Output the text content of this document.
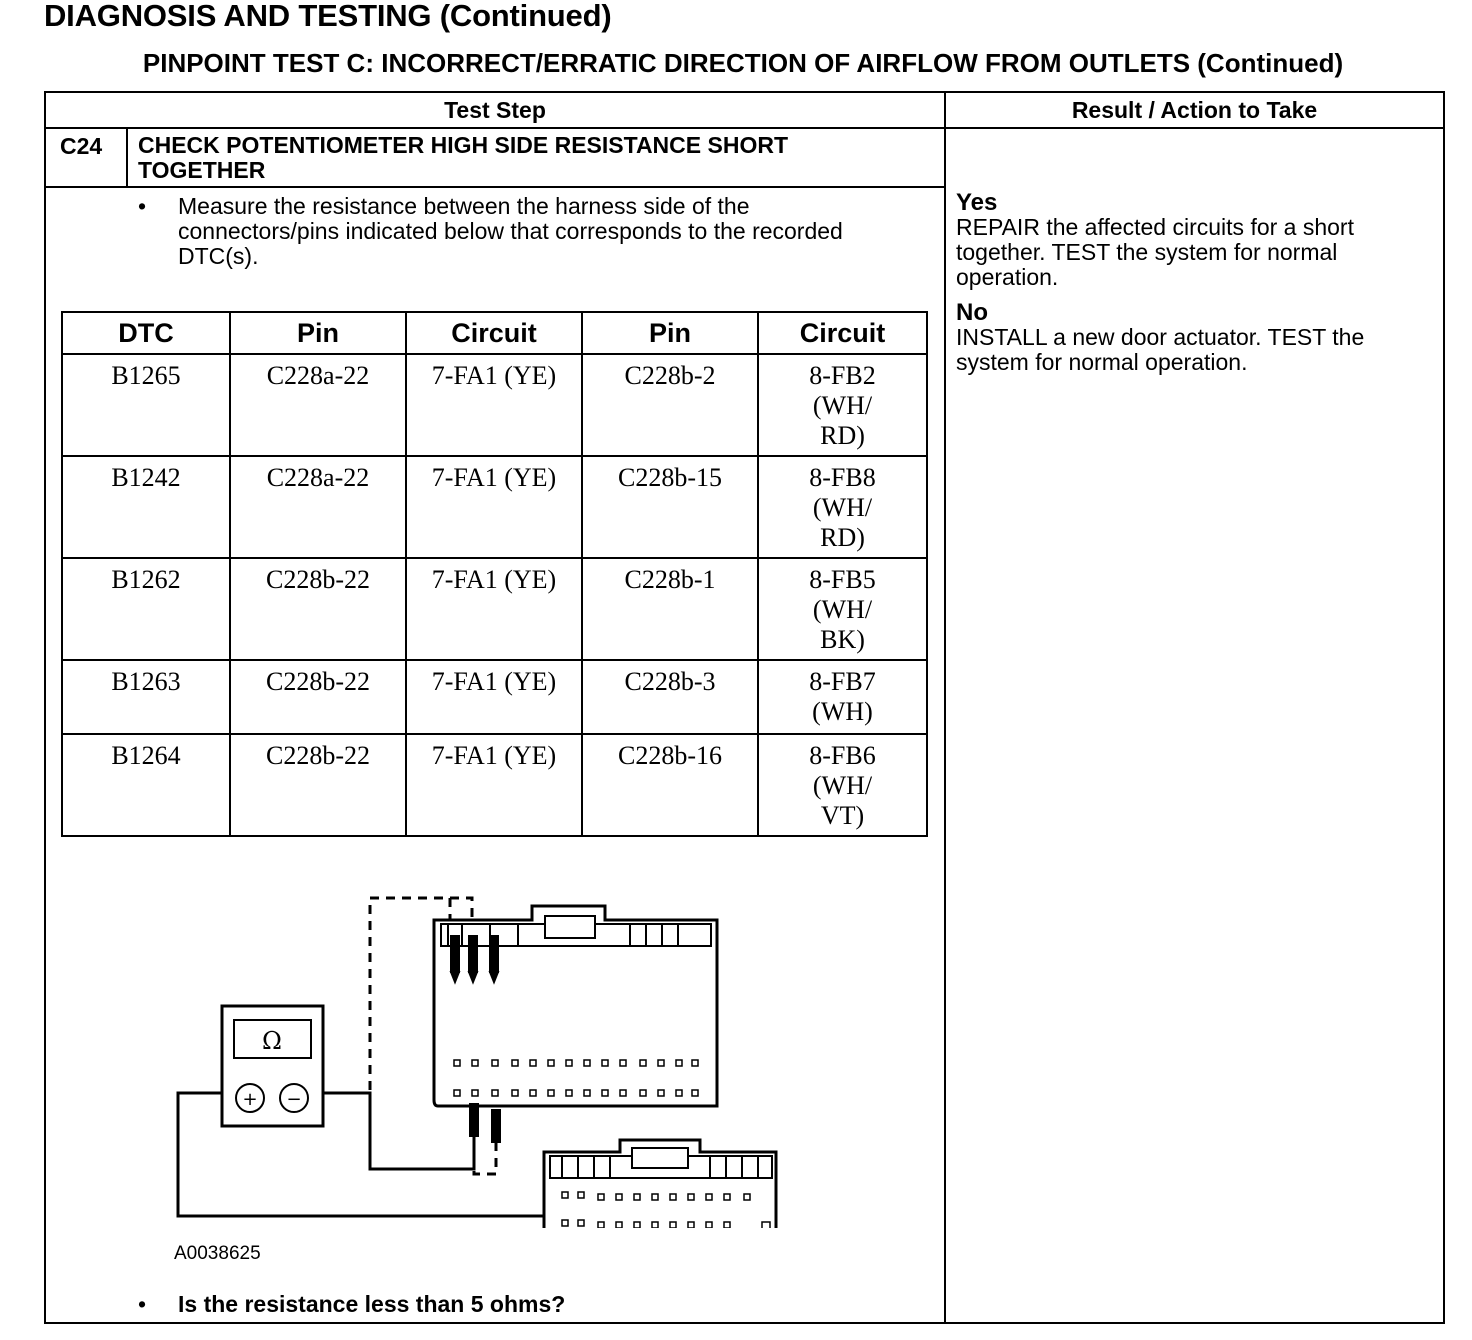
DIAGNOSIS AND TESTING (Continued)
PINPOINT TEST C: INCORRECT/ERRATIC DIRECTION OF AIRFLOW FROM OUTLETS (Continued)
Test Step	Result / Action to Take
C24 CHECK POTENTIOMETER HIGH SIDE RESISTANCE SHORT TOGETHER
• Measure the resistance between the harness side of the connectors/pins indicated below that corresponds to the recorded DTC(s).
DTC	Pin	Circuit	Pin	Circuit
B1265	C228a-22	7-FA1 (YE)	C228b-2	8-FB2
(WH/
RD)

B1242	C228a-22	7-FA1 (YE)	C228b-15	8-FB8
(WH/
RD)

B1262	C228b-22	7-FA1 (YE)	C228b-1	8-FB5
(WH/
BK)

B1263	C228b-22	7-FA1 (YE)	C228b-3	8-FB7
(WH)

B1264	C228b-22	7-FA1 (YE)	C228b-16	8-FB6
(WH/
VT)
Ω
+ −
A0038625
• Is the resistance less than 5 ohms?
Yes
REPAIR the affected circuits for a short together. TEST the system for normal operation.
No
INSTALL a new door actuator. TEST the system for normal operation.
